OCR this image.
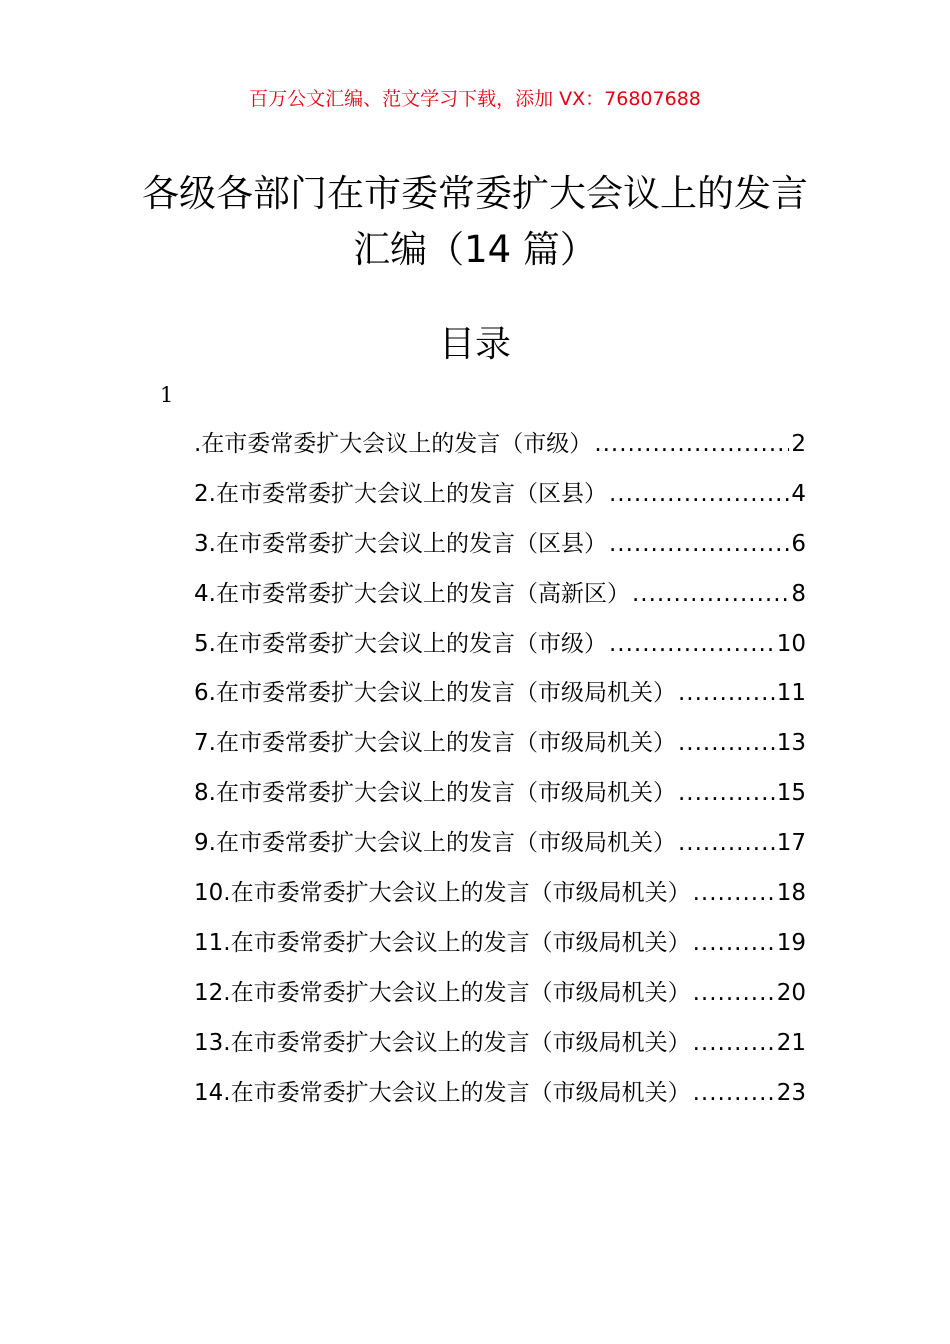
百万公文汇编、范文学习下载，添加 VX：76807688
各级各部门在市委常委扩大会议上的发言
汇编（14 篇）
目录
1
.在市委常委扩大会议上的发言（市级） .....	2
2.在市委常委扩大会议上的发言（区县） .....	4
3.在市委常委扩大会议上的发言（区县） .....	6
4.在市委常委扩大会议上的发言（高新区） .....	8
5.在市委常委扩大会议上的发言（市级） .....	10
6.在市委常委扩大会议上的发言（市级局机关） .....	11
7.在市委常委扩大会议上的发言（市级局机关） .....	13
8.在市委常委扩大会议上的发言（市级局机关） .....	15
9.在市委常委扩大会议上的发言（市级局机关） .....	17
10.在市委常委扩大会议上的发言（市级局机关） .....	18
11.在市委常委扩大会议上的发言（市级局机关） .....	19
12.在市委常委扩大会议上的发言（市级局机关） .....	20
13.在市委常委扩大会议上的发言（市级局机关） .....	21
14.在市委常委扩大会议上的发言（市级局机关） .....	23
